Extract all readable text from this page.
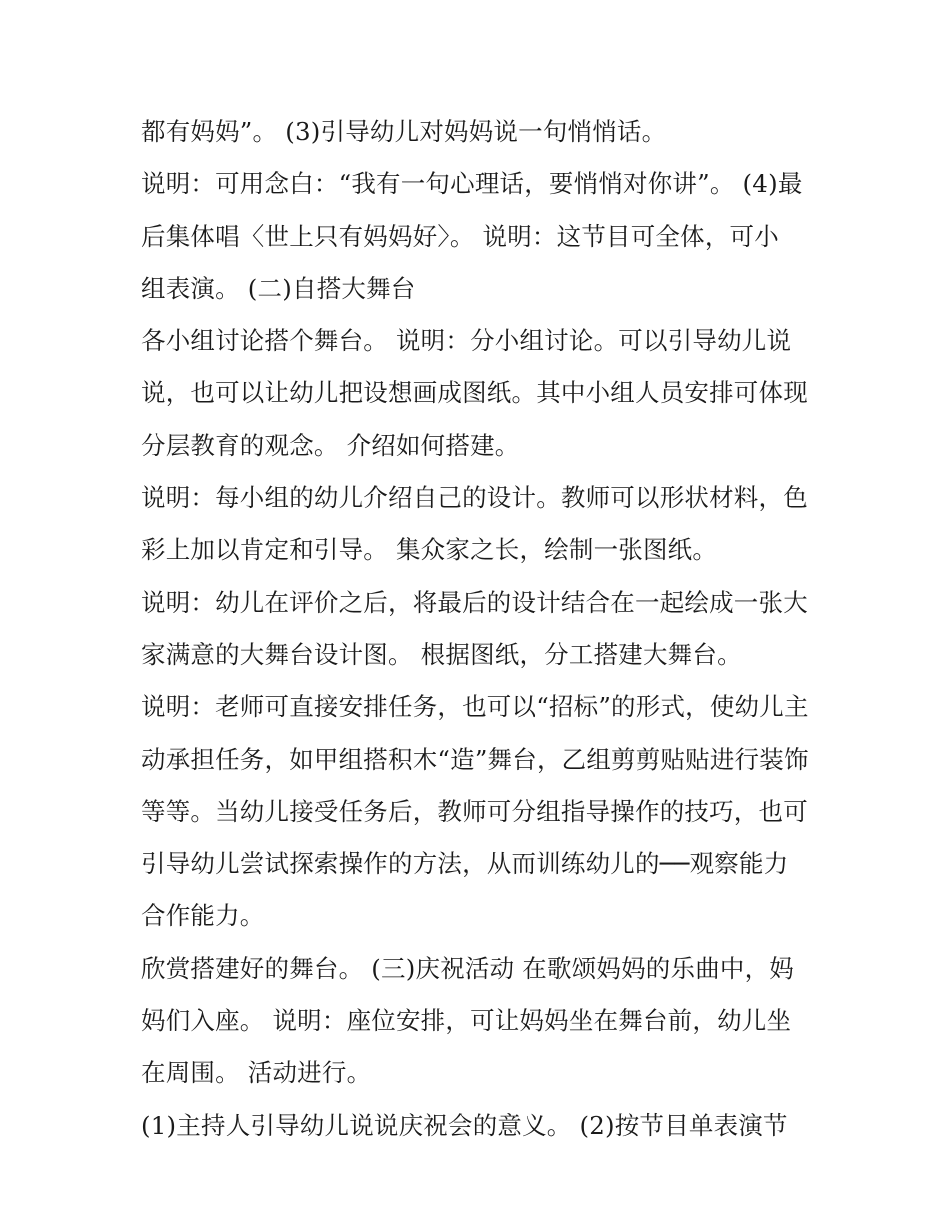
都有妈妈”。 (3)引导幼儿对妈妈说一句悄悄话。
说明：可用念白：“我有一句心理话，要悄悄对你讲”。 (4)最
后集体唱〈世上只有妈妈好〉。 说明：这节目可全体，可小
组表演。 (二)自搭大舞台
各小组讨论搭个舞台。 说明：分小组讨论。可以引导幼儿说
说，也可以让幼儿把设想画成图纸。其中小组人员安排可体现
分层教育的观念。 介绍如何搭建。
说明：每小组的幼儿介绍自己的设计。教师可以形状材料，色
彩上加以肯定和引导。 集众家之长，绘制一张图纸。
说明：幼儿在评价之后，将最后的设计结合在一起绘成一张大
家满意的大舞台设计图。 根据图纸，分工搭建大舞台。
说明：老师可直接安排任务，也可以“招标”的形式，使幼儿主
动承担任务，如甲组搭积木“造”舞台，乙组剪剪贴贴进行装饰
等等。当幼儿接受任务后，教师可分组指导操作的技巧，也可
引导幼儿尝试探索操作的方法，从而训练幼儿的──观察能力
合作能力。
欣赏搭建好的舞台。 (三)庆祝活动 在歌颂妈妈的乐曲中，妈
妈们入座。 说明：座位安排，可让妈妈坐在舞台前，幼儿坐
在周围。 活动进行。
(1)主持人引导幼儿说说庆祝会的意义。 (2)按节目单表演节
